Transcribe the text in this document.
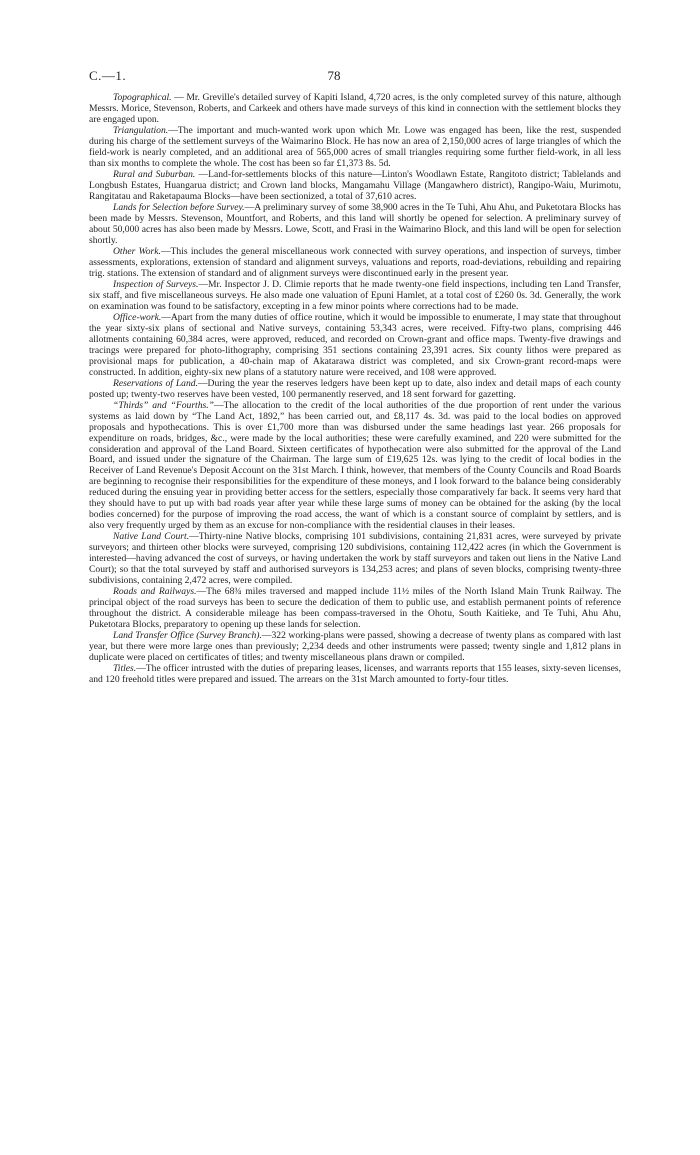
C.—1.	78

Topographical. — Mr. Greville's detailed survey of Kapiti Island, 4,720 acres, is the only completed survey of this nature, although Messrs. Morice, Stevenson, Roberts, and Carkeek and others have made surveys of this kind in connection with the settlement blocks they are engaged upon.

Triangulation.—The important and much-wanted work upon which Mr. Lowe was engaged has been, like the rest, suspended during his charge of the settlement surveys of the Waimarino Block. He has now an area of 2,150,000 acres of large triangles of which the field-work is nearly completed, and an additional area of 565,000 acres of small triangles requiring some further field-work, in all less than six months to complete the whole. The cost has been so far £1,373 8s. 5d.

Rural and Suburban. —Land-for-settlements blocks of this nature—Linton's Woodlawn Estate, Rangitoto district; Tablelands and Longbush Estates, Huangarua district; and Crown land blocks, Mangamahu Village (Mangawhero district), Rangipo-Waiu, Murimotu, Rangitatau and Raketapauma Blocks—have been sectionized, a total of 37,610 acres.

Lands for Selection before Survey.—A preliminary survey of some 38,900 acres in the Te Tuhi, Ahu Ahu, and Puketotara Blocks has been made by Messrs. Stevenson, Mountfort, and Roberts, and this land will shortly be opened for selection. A preliminary survey of about 50,000 acres has also been made by Messrs. Lowe, Scott, and Frasi in the Waimarino Block, and this land will be open for selection shortly.

Other Work.—This includes the general miscellaneous work connected with survey operations, and inspection of surveys, timber assessments, explorations, extension of standard and alignment surveys, valuations and reports, road-deviations, rebuilding and repairing trig. stations. The extension of standard and of alignment surveys were discontinued early in the present year.

Inspection of Surveys.—Mr. Inspector J. D. Climie reports that he made twenty-one field inspections, including ten Land Transfer, six staff, and five miscellaneous surveys. He also made one valuation of Epuni Hamlet, at a total cost of £260 0s. 3d. Generally, the work on examination was found to be satisfactory, excepting in a few minor points where corrections had to be made.

Office-work.—Apart from the many duties of office routine, which it would be impossible to enumerate, I may state that throughout the year sixty-six plans of sectional and Native surveys, containing 53,343 acres, were received. Fifty-two plans, comprising 446 allotments containing 60,384 acres, were approved, reduced, and recorded on Crown-grant and office maps. Twenty-five drawings and tracings were prepared for photo-lithography, comprising 351 sections containing 23,391 acres. Six county lithos were prepared as provisional maps for publication, a 40-chain map of Akatarawa district was completed, and six Crown-grant record-maps were constructed. In addition, eighty-six new plans of a statutory nature were received, and 108 were approved.

Reservations of Land.—During the year the reserves ledgers have been kept up to date, also index and detail maps of each county posted up; twenty-two reserves have been vested, 100 permanently reserved, and 18 sent forward for gazetting.

“Thirds” and “Fourths.”—The allocation to the credit of the local authorities of the due proportion of rent under the various systems as laid down by “The Land Act, 1892,” has been carried out, and £8,117 4s. 3d. was paid to the local bodies on approved proposals and hypothecations. This is over £1,700 more than was disbursed under the same headings last year. 266 proposals for expenditure on roads, bridges, &c., were made by the local authorities; these were carefully examined, and 220 were submitted for the consideration and approval of the Land Board. Sixteen certificates of hypothecation were also submitted for the approval of the Land Board, and issued under the signature of the Chairman. The large sum of £19,625 12s. was lying to the credit of local bodies in the Receiver of Land Revenue's Deposit Account on the 31st March. I think, however, that members of the County Councils and Road Boards are beginning to recognise their responsibilities for the expenditure of these moneys, and I look forward to the balance being considerably reduced during the ensuing year in providing better access for the settlers, especially those comparatively far back. It seems very hard that they should have to put up with bad roads year after year while these large sums of money can be obtained for the asking (by the local bodies concerned) for the purpose of improving the road access, the want of which is a constant source of complaint by settlers, and is also very frequently urged by them as an excuse for non-compliance with the residential clauses in their leases.

Native Land Court.—Thirty-nine Native blocks, comprising 101 subdivisions, containing 21,831 acres, were surveyed by private surveyors; and thirteen other blocks were surveyed, comprising 120 subdivisions, containing 112,422 acres (in which the Government is interested—having advanced the cost of surveys, or having undertaken the work by staff surveyors and taken out liens in the Native Land Court); so that the total surveyed by staff and authorised surveyors is 134,253 acres; and plans of seven blocks, comprising twenty-three subdivisions, containing 2,472 acres, were compiled.

Roads and Railways.—The 68¾ miles traversed and mapped include 11½ miles of the North Island Main Trunk Railway. The principal object of the road surveys has been to secure the dedication of them to public use, and establish permanent points of reference throughout the district. A considerable mileage has been compass-traversed in the Ohotu, South Kaitieke, and Te Tuhi, Ahu Ahu, Puketotara Blocks, preparatory to opening up these lands for selection.

Land Transfer Office (Survey Branch).—322 working-plans were passed, showing a decrease of twenty plans as compared with last year, but there were more large ones than previously; 2,234 deeds and other instruments were passed; twenty single and 1,812 plans in duplicate were placed on certificates of titles; and twenty miscellaneous plans drawn or compiled.

Titles.—The officer intrusted with the duties of preparing leases, licenses, and warrants reports that 155 leases, sixty-seven licenses, and 120 freehold titles were prepared and issued. The arrears on the 31st March amounted to forty-four titles.
